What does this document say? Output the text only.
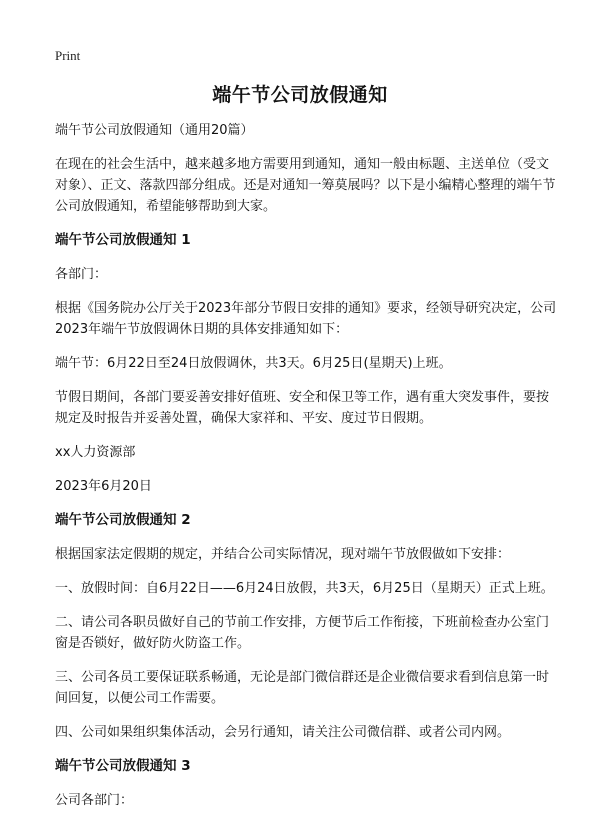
Print
端午节公司放假通知

端午节公司放假通知（通用20篇）

在现在的社会生活中，越来越多地方需要用到通知，通知一般由标题、主送单位（受文对象）、正文、落款四部分组成。还是对通知一筹莫展吗？以下是小编精心整理的端午节公司放假通知，希望能够帮助到大家。

端午节公司放假通知 1

各部门：

根据《国务院办公厅关于2023年部分节假日安排的通知》要求，经领导研究决定，公司2023年端午节放假调休日期的具体安排通知如下：

端午节：6月22日至24日放假调休，共3天。6月25日(星期天)上班。

节假日期间，各部门要妥善安排好值班、安全和保卫等工作，遇有重大突发事件，要按规定及时报告并妥善处置，确保大家祥和、平安、度过节日假期。

xx人力资源部

2023年6月20日

端午节公司放假通知 2

根据国家法定假期的规定，并结合公司实际情况，现对端午节放假做如下安排：

一、放假时间：自6月22日——6月24日放假，共3天，6月25日（星期天）正式上班。

二、请公司各职员做好自己的节前工作安排，方便节后工作衔接，下班前检查办公室门窗是否锁好，做好防火防盗工作。

三、公司各员工要保证联系畅通，无论是部门微信群还是企业微信要求看到信息第一时间回复，以便公司工作需要。

四、公司如果组织集体活动，会另行通知，请关注公司微信群、或者公司内网。

端午节公司放假通知 3

公司各部门：
